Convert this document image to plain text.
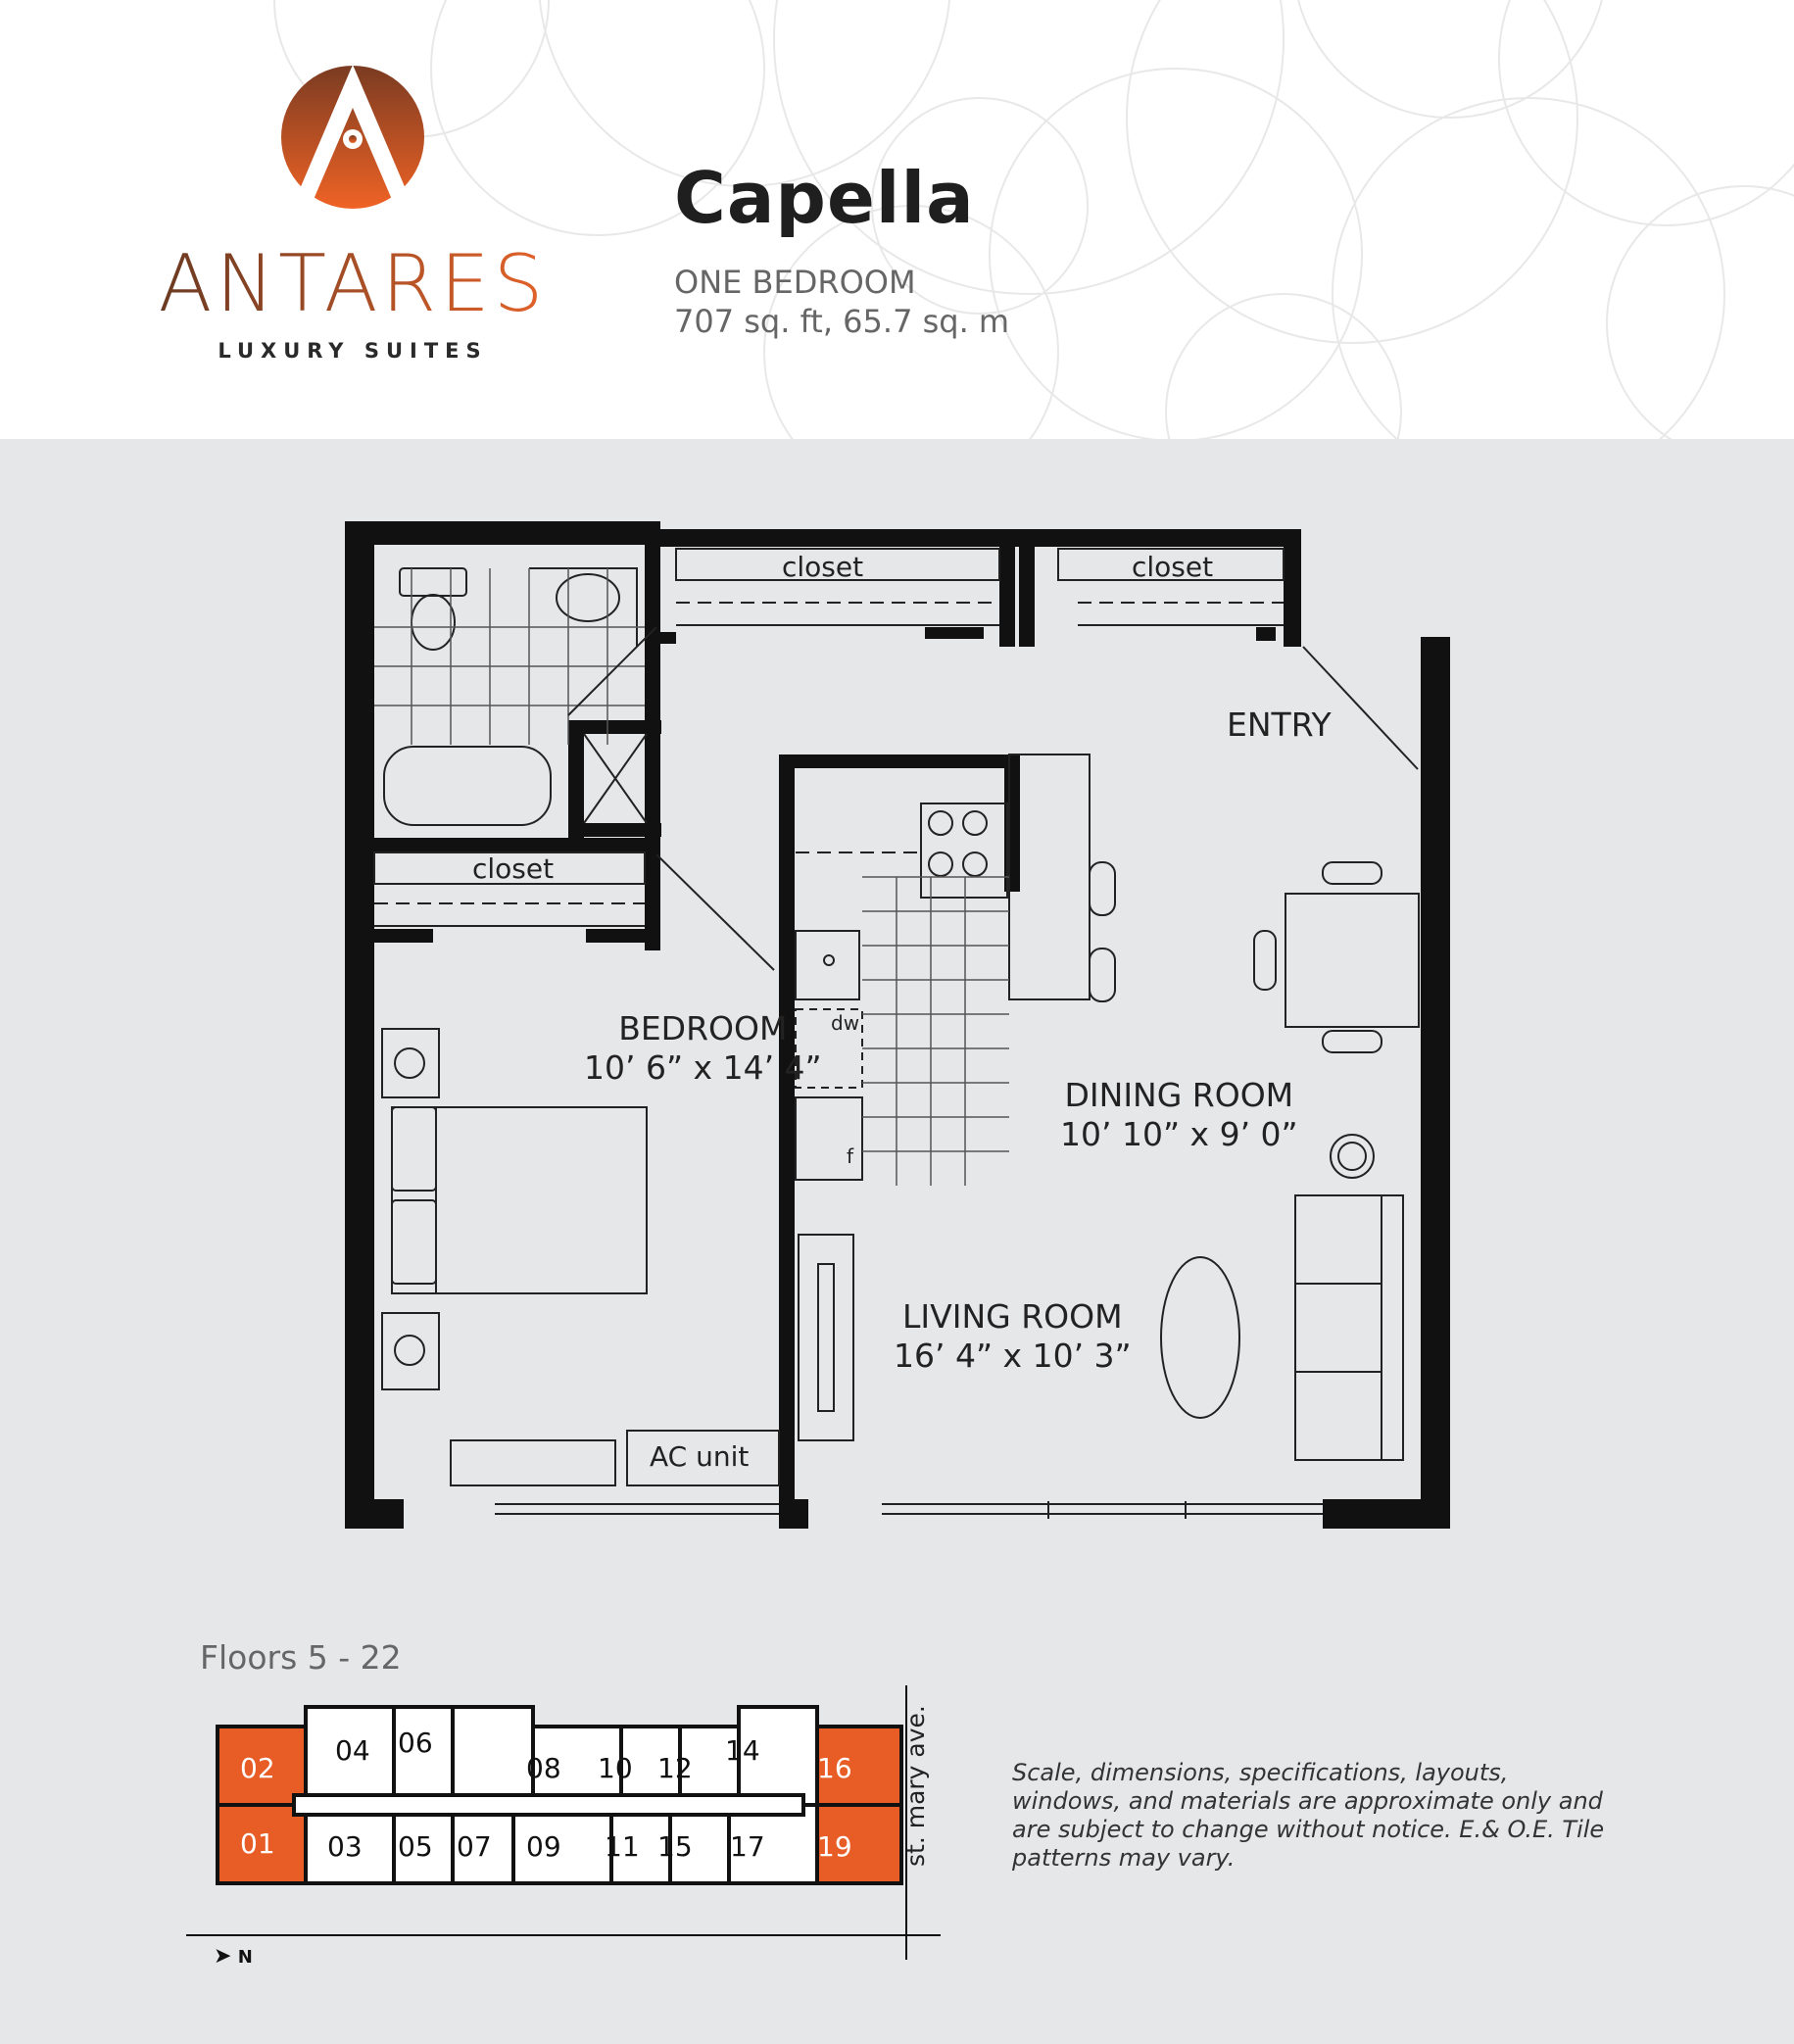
ANTARES
LUXURY SUITES
Capella
ONE BEDROOM
707 sq. ft, 65.7 sq. m
BEDROOM
10’ 6” x 14’ 4”
DINING ROOM
10’ 10” x 9’ 0”
LIVING ROOM
16’ 4” x 10’ 3”
ENTRY
closet	closet
closet
AC unit
dw
f
Floors 5 - 22
02
04 06
08 10 12
14
16
01 03 05 07 09 11 15 17 19 st. mary ave.
➤ N
Scale, dimensions, specifications, layouts, windows, and materials are approximate only and are subject to change without notice. E.& O.E. Tile patterns may vary.
